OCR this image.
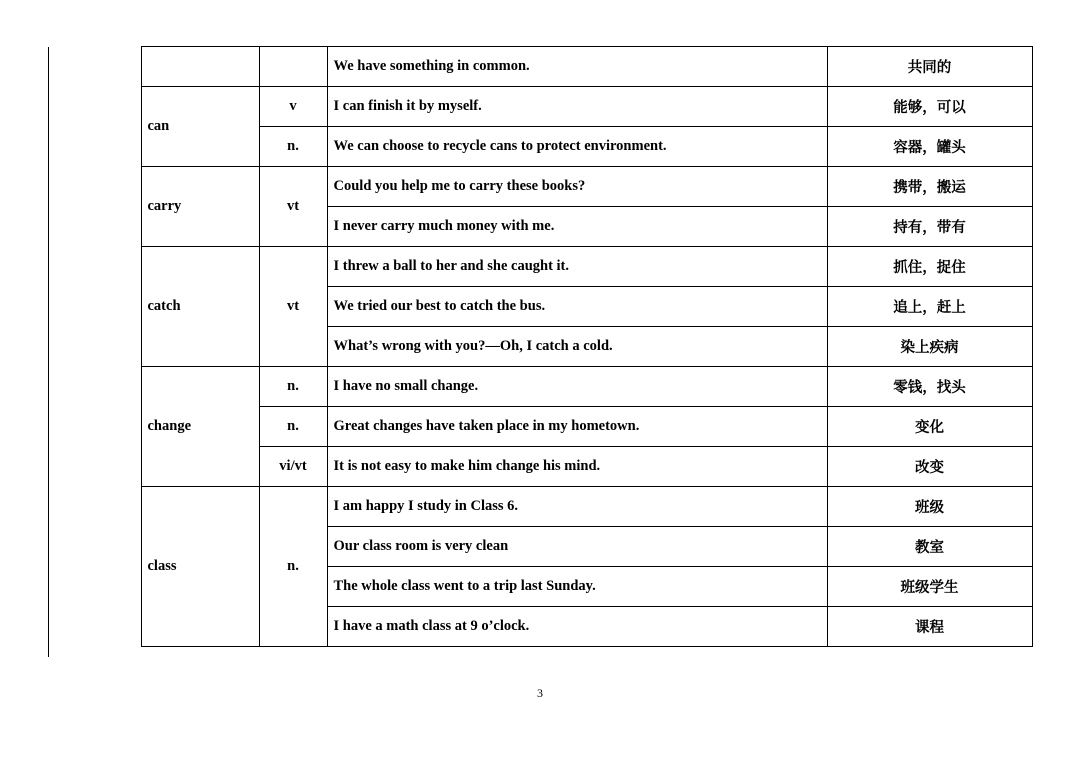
			We have something in common.	共同的
	can	v	I can finish it by myself.	能够，可以
		n.	We can choose to recycle cans to protect environment.	容器，罐头
	carry	vt	Could you help me to carry these books?	携带，搬运
			I never carry much money with me.	持有，带有
	catch	vt	I threw a ball to her and she caught it.	抓住，捉住
			We tried our best to catch the bus.	追上，赶上
			What’s wrong with you?—Oh, I catch a cold.	染上疾病
	change	n.	I have no small change.	零钱，找头
		n.	Great changes have taken place in my hometown.	变化
		vi/vt	It is not easy to make him change his mind.	改变
	class	n.	I am happy I study in Class 6.	班级
			Our class room is very clean	教室
			The whole class went to a trip last Sunday.	班级学生
			I have a math class at 9 o’clock.	课程
3
